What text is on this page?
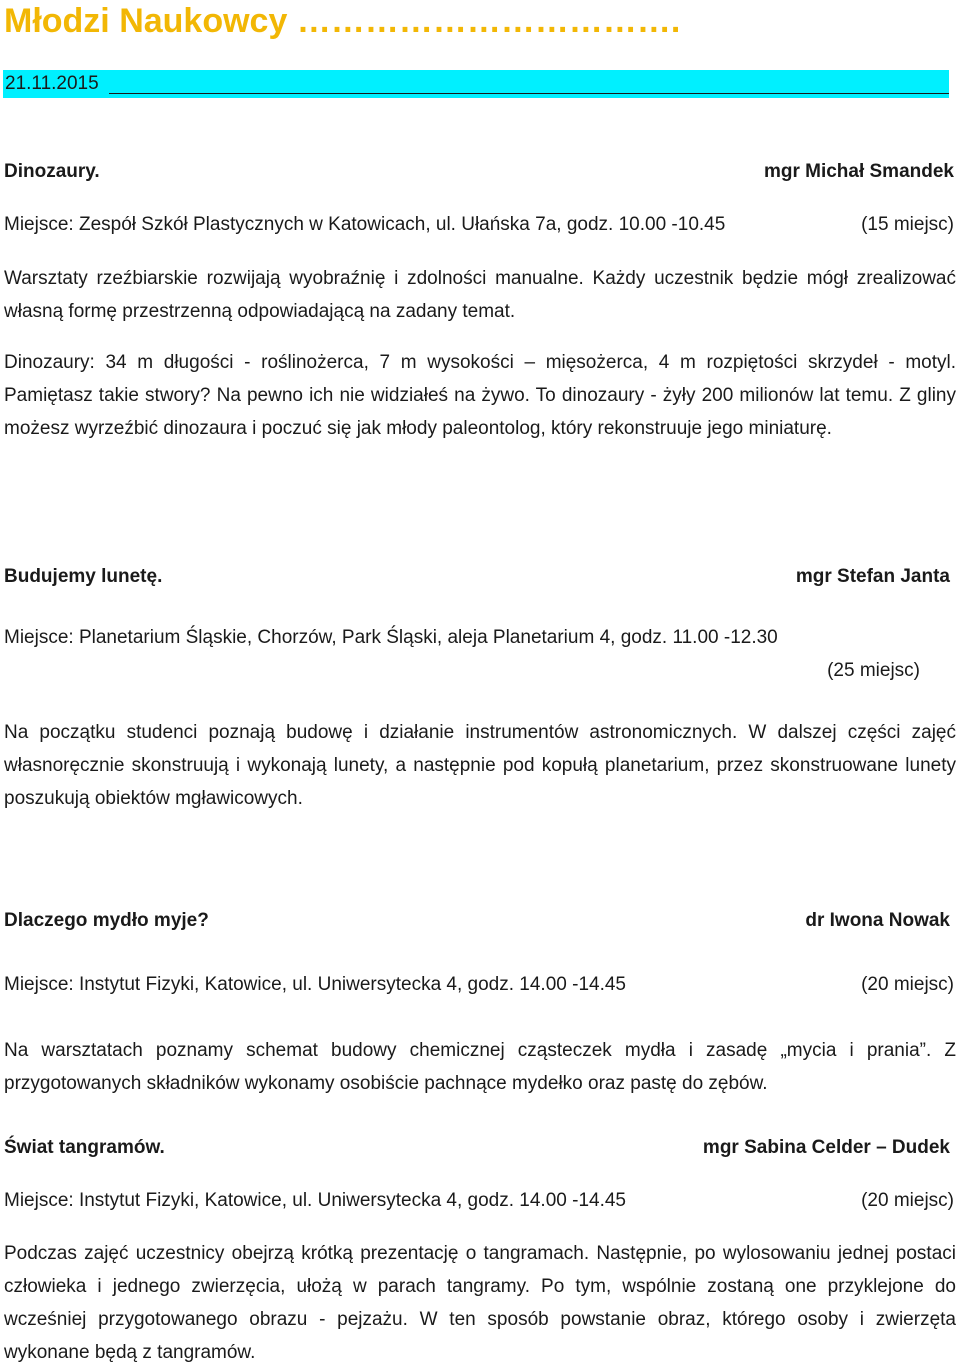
Młodzi Naukowcy …………………………….
21.11.2015
Dinozaury.	mgr Michał Smandek
Miejsce: Zespół Szkół Plastycznych w Katowicach, ul. Ułańska 7a, godz. 10.00 -10.45	(15 miejsc)
Warsztaty rzeźbiarskie rozwijają wyobraźnię i zdolności manualne. Każdy uczestnik będzie mógł zrealizować własną formę przestrzenną odpowiadającą na zadany temat.
Dinozaury: 34 m długości - roślinożerca, 7 m wysokości – mięsożerca, 4 m rozpiętości skrzydeł - motyl. Pamiętasz takie stwory? Na pewno ich nie widziałeś na żywo. To dinozaury - żyły 200 milionów lat temu. Z gliny możesz wyrzeźbić dinozaura i poczuć się jak młody paleontolog, który rekonstruuje jego miniaturę.
Budujemy lunetę.	mgr Stefan Janta
Miejsce: Planetarium Śląskie, Chorzów, Park Śląski, aleja Planetarium 4, godz. 11.00 -12.30
(25 miejsc)
Na początku studenci poznają budowę i działanie instrumentów astronomicznych. W dalszej części zajęć własnoręcznie skonstruują i wykonają lunety, a następnie pod kopułą planetarium, przez skonstruowane lunety poszukują obiektów mgławicowych.
Dlaczego mydło myje?	dr Iwona Nowak
Miejsce: Instytut Fizyki, Katowice, ul. Uniwersytecka 4, godz. 14.00 -14.45	(20 miejsc)
Na warsztatach poznamy schemat budowy chemicznej cząsteczek mydła i zasadę „mycia i prania”. Z przygotowanych składników wykonamy osobiście pachnące mydełko oraz pastę do zębów.
Świat tangramów.	mgr Sabina Celder – Dudek
Miejsce: Instytut Fizyki, Katowice, ul. Uniwersytecka 4, godz. 14.00 -14.45	(20 miejsc)
Podczas zajęć uczestnicy obejrzą krótką prezentację o tangramach. Następnie, po wylosowaniu jednej postaci człowieka i jednego zwierzęcia, ułożą w parach tangramy. Po tym, wspólnie zostaną one przyklejone do wcześniej przygotowanego obrazu - pejzażu. W ten sposób powstanie obraz, którego osoby i zwierzęta wykonane będą z tangramów.
